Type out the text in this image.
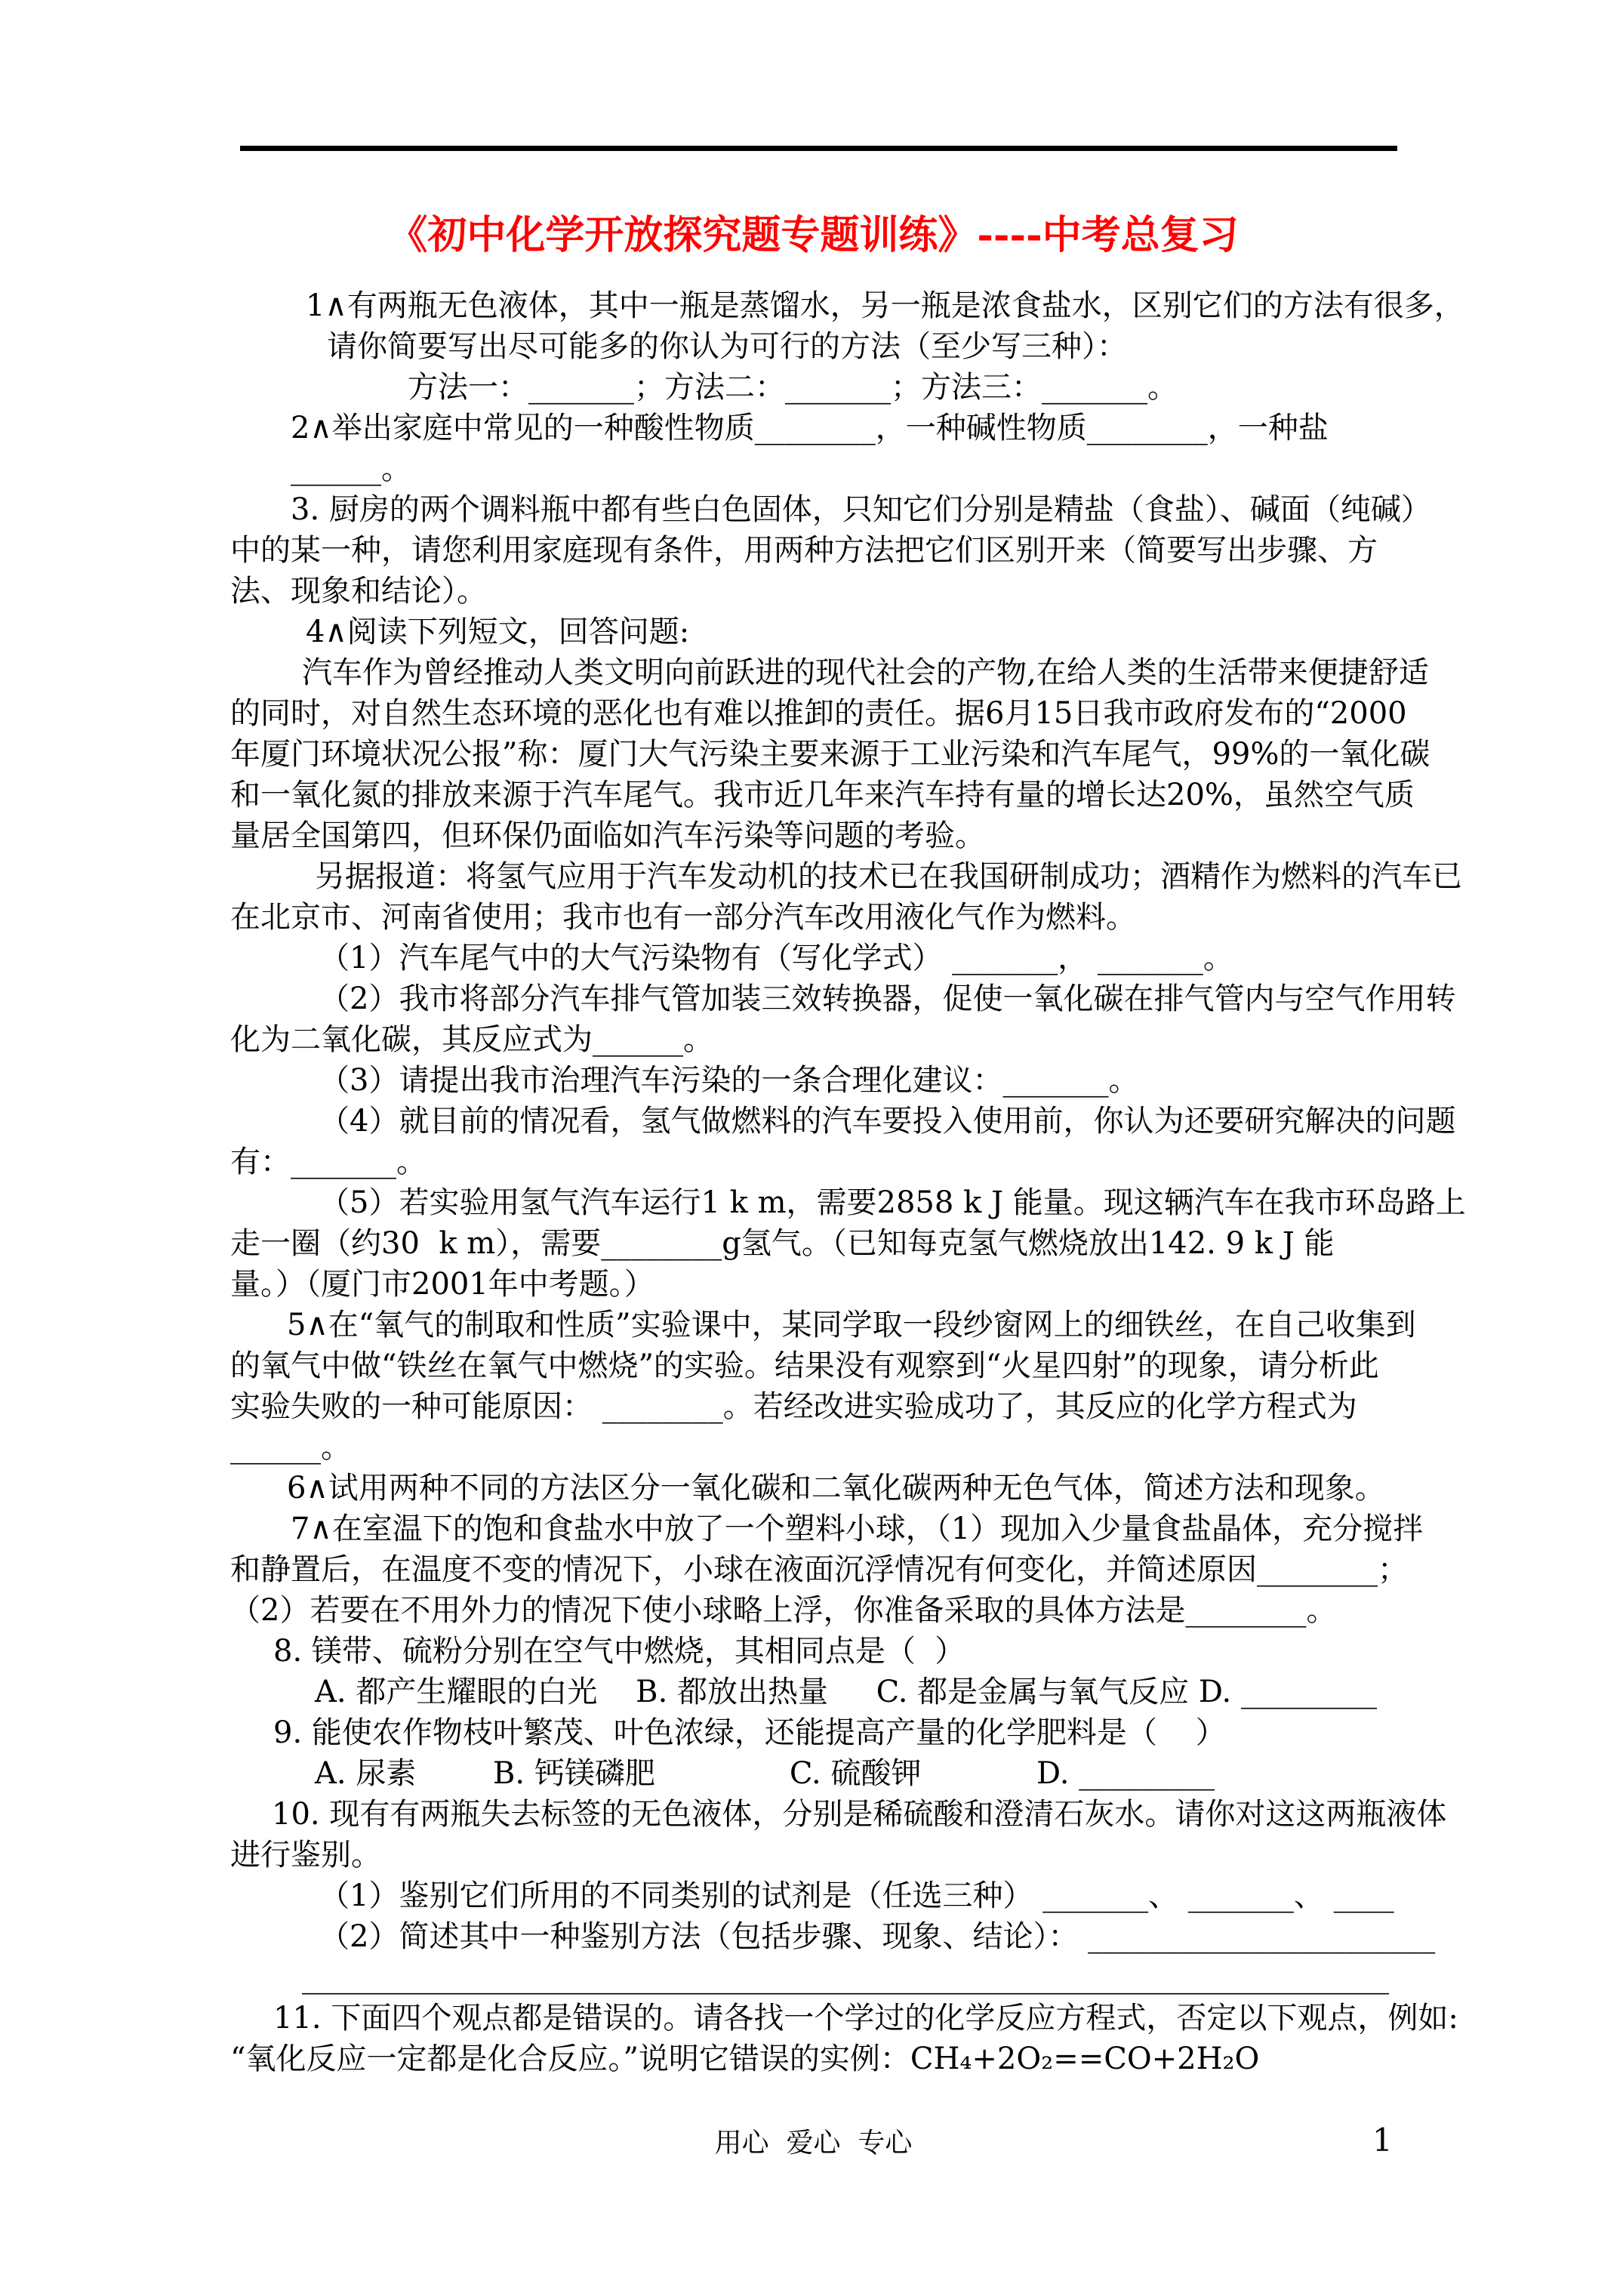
《初中化学开放探究题专题训练》----中考总复习
1∧有两瓶无色液体，其中一瓶是蒸馏水，另一瓶是浓食盐水，区别它们的方法有很多，
请你简要写出尽可能多的你认为可行的方法（至少写三种）：
方法一：_______；方法二：_______；方法三：_______。
2∧举出家庭中常见的一种酸性物质________，一种碱性物质________，一种盐
______。
3. 厨房的两个调料瓶中都有些白色固体，只知它们分别是精盐（食盐）、碱面（纯碱）
中的某一种，请您利用家庭现有条件，用两种方法把它们区别开来（简要写出步骤、方
法、现象和结论）。
4∧阅读下列短文，回答问题:
汽车作为曾经推动人类文明向前跃进的现代社会的产物,在给人类的生活带来便捷舒适
的同时，对自然生态环境的恶化也有难以推卸的责任。据6月15日我市政府发布的“2000
年厦门环境状况公报”称：厦门大气污染主要来源于工业污染和汽车尾气，99%的一氧化碳
和一氧化氮的排放来源于汽车尾气。我市近几年来汽车持有量的增长达20%，虽然空气质
量居全国第四，但环保仍面临如汽车污染等问题的考验。
另据报道：将氢气应用于汽车发动机的技术已在我国研制成功；酒精作为燃料的汽车已
在北京市、河南省使用；我市也有一部分汽车改用液化气作为燃料。
（1）汽车尾气中的大气污染物有（写化学式） _______， _______。
（2）我市将部分汽车排气管加装三效转换器，促使一氧化碳在排气管内与空气作用转
化为二氧化碳，其反应式为______。
（3）请提出我市治理汽车污染的一条合理化建议：_______。
（4）就目前的情况看，氢气做燃料的汽车要投入使用前，你认为还要研究解决的问题
有：_______。
（5）若实验用氢气汽车运行1 k m，需要2858 k J 能量。现这辆汽车在我市环岛路上
走一圈（约30  k m），需要________g氢气。（已知每克氢气燃烧放出142. 9 k J 能
量。）（厦门市2001年中考题。）
5∧在“氧气的制取和性质”实验课中，某同学取一段纱窗网上的细铁丝，在自己收集到
的氧气中做“铁丝在氧气中燃烧”的实验。结果没有观察到“火星四射”的现象，请分析此
实验失败的一种可能原因： ________。若经改进实验成功了，其反应的化学方程式为
______。
6∧试用两种不同的方法区分一氧化碳和二氧化碳两种无色气体，简述方法和现象。
7∧在室温下的饱和食盐水中放了一个塑料小球，（1）现加入少量食盐晶体，充分搅拌
和静置后，在温度不变的情况下，小球在液面沉浮情况有何变化，并简述原因________；
（2）若要在不用外力的情况下使小球略上浮，你准备采取的具体方法是________。
8. 镁带、硫粉分别在空气中燃烧，其相同点是（  ）
A. 都产生耀眼的白光    B. 都放出热量     C. 都是金属与氧气反应 D. _________
9. 能使农作物枝叶繁茂、叶色浓绿，还能提高产量的化学肥料是（    ）
A. 尿素        B. 钙镁磷肥              C. 硫酸钾            D. _________
10. 现有有两瓶失去标签的无色液体，分别是稀硫酸和澄清石灰水。请你对这这两瓶液体
进行鉴别。
（1）鉴别它们所用的不同类别的试剂是（任选三种） _______、 _______、 ____
（2）简述其中一种鉴别方法（包括步骤、现象、结论）： _______________________
________________________________________________________________________
11. 下面四个观点都是错误的。请各找一个学过的化学反应方程式，否定以下观点，例如:
“氧化反应一定都是化合反应。”说明它错误的实例：CH₄+2O₂==CO+2H₂O
用心  爱心  专心	1
